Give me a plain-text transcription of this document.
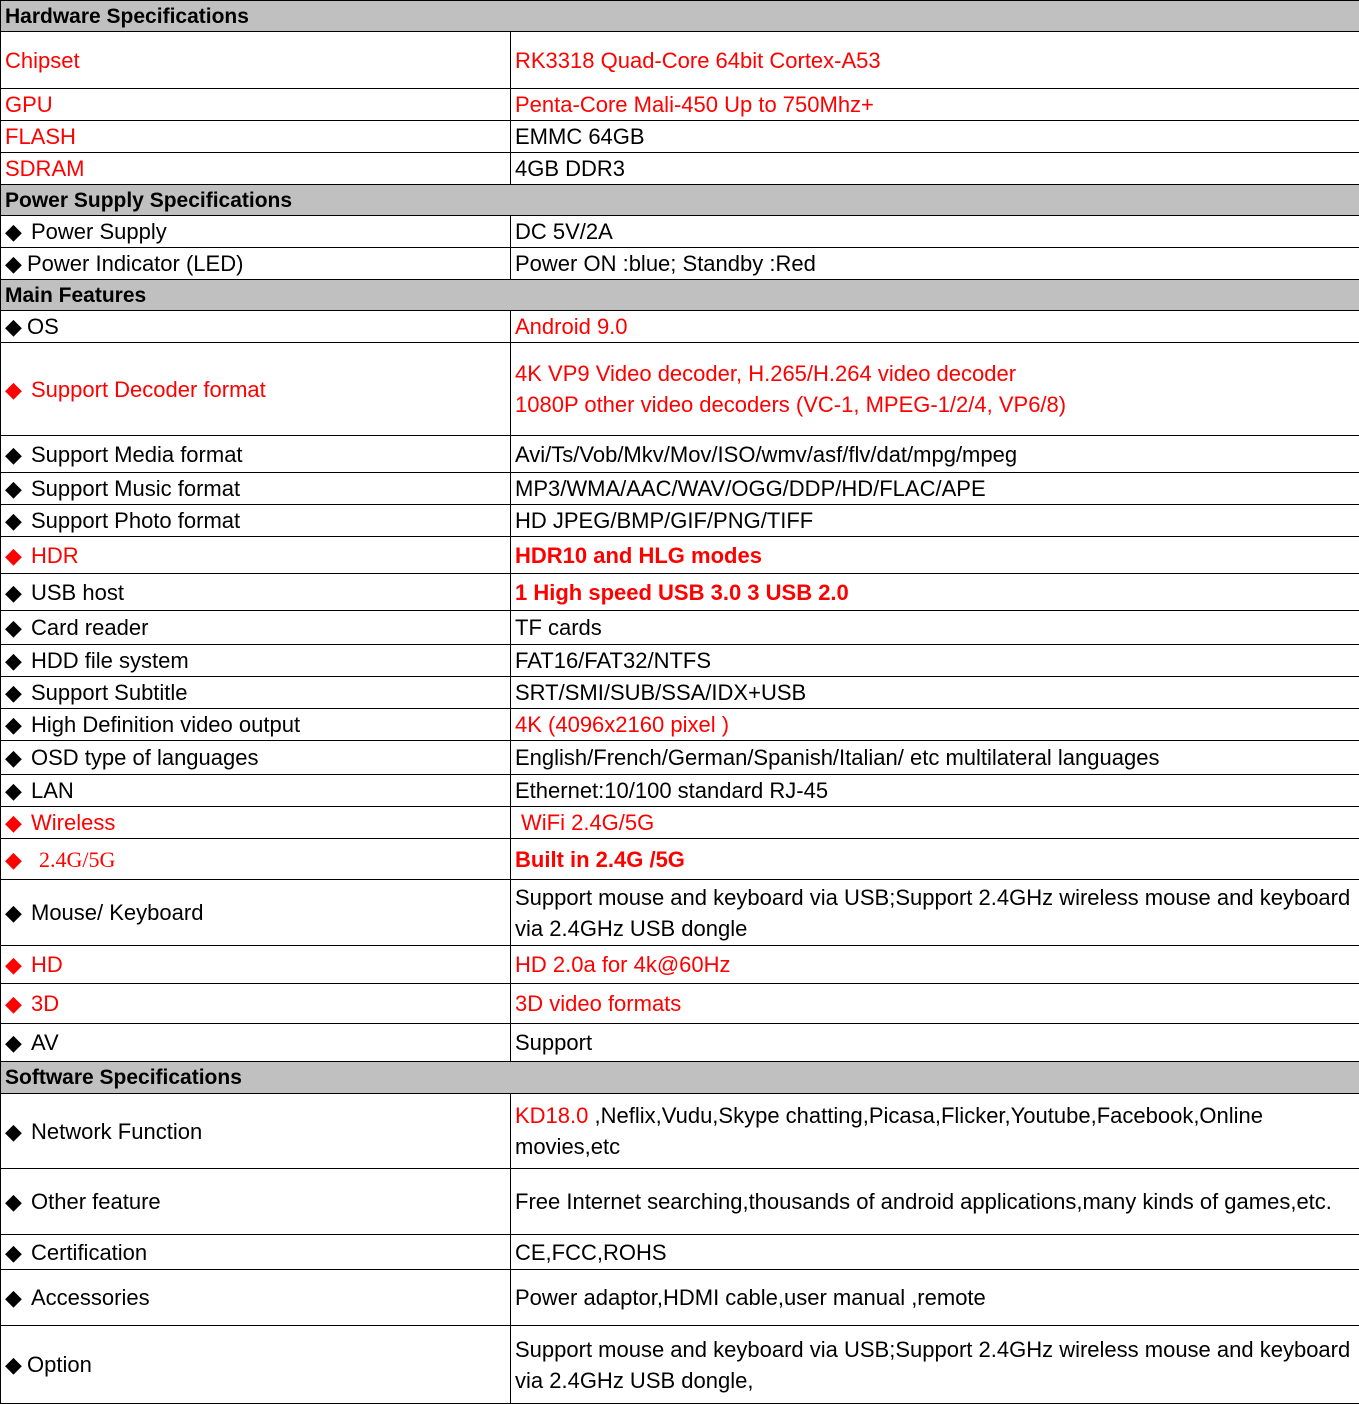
Hardware Specifications	
Chipset	RK3318 Quad-Core 64bit Cortex-A53
GPU	Penta-Core Mali-450 Up to 750Mhz+
FLASH	EMMC 64GB
SDRAM	4GB DDR3
Power Supply Specifications	
◆ Power Supply	DC 5V/2A
◆ Power Indicator (LED)	Power ON :blue; Standby :Red
Main Features	
◆ OS	Android 9.0
◆ Support Decoder format	4K VP9 Video decoder, H.265/H.264 video decoder
1080P other video decoders (VC-1, MPEG-1/2/4, VP6/8)

◆ Support Media format	Avi/Ts/Vob/Mkv/Mov/ISO/wmv/asf/flv/dat/mpg/mpeg
◆ Support Music format	MP3/WMA/AAC/WAV/OGG/DDP/HD/FLAC/APE
◆ Support Photo format	HD JPEG/BMP/GIF/PNG/TIFF
◆ HDR	HDR10 and HLG modes
◆ USB host	1 High speed USB 3.0 3 USB 2.0
◆ Card reader	TF cards
◆ HDD file system	FAT16/FAT32/NTFS
◆ Support Subtitle	SRT/SMI/SUB/SSA/IDX+USB
◆ High Definition video output	4K (4096x2160 pixel )
◆ OSD type of languages	English/French/German/Spanish/Italian/ etc multilateral languages
◆ LAN	Ethernet:10/100 standard RJ-45
◆ Wireless	WiFi 2.4G/5G
◆ 2.4G/5G	Built in 2.4G /5G
◆ Mouse/ Keyboard	Support mouse and keyboard via USB;Support 2.4GHz wireless mouse and keyboard via 2.4GHz USB dongle
◆ HD	HD 2.0a for 4k@60Hz
◆ 3D	3D video formats
◆ AV	Support
Software Specifications	
◆ Network Function	KD18.0 ,Neflix,Vudu,Skype chatting,Picasa,Flicker,Youtube,Facebook,Online movies,etc
◆ Other feature	Free Internet searching,thousands of android applications,many kinds of games,etc.
◆ Certification	CE,FCC,ROHS
◆ Accessories	Power adaptor,HDMI cable,user manual ,remote
◆ Option	Support mouse and keyboard via USB;Support 2.4GHz wireless mouse and keyboard via 2.4GHz USB dongle,
